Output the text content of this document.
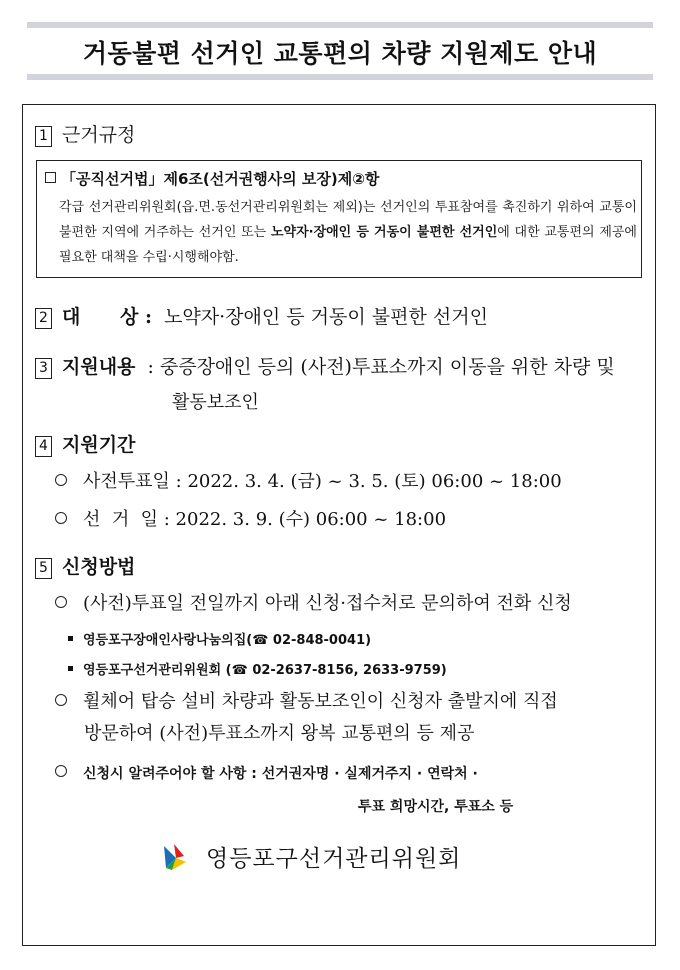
거동불편 선거인 교통편의 차량 지원제도 안내
1 근거규정
「공직선거법」제6조(선거권행사의 보장)제②항
각급 선거관리위원회(읍.면.동선거관리위원회는 제외)는 선거인의 투표참여를 촉진하기 위하여 교통이 불편한 지역에 거주하는 선거인 또는 노약자·장애인 등 거동이 불편한 선거인에 대한 교통편의 제공에 필요한 대책을 수립·시행해야함.
2 대      상 : 노약자·장애인 등 거동이 불편한 선거인
3 지원내용 : 중증장애인 등의 (사전)투표소까지 이동을 위한 차량 및
활동보조인
4 지원기간
사전투표일 : 2022. 3. 4. (금) ~ 3. 5. (토) 06:00 ~ 18:00
선  거  일 : 2022. 3. 9. (수) 06:00 ~ 18:00
5 신청방법
(사전)투표일 전일까지 아래 신청·접수처로 문의하여 전화 신청
영등포구장애인사랑나눔의집(☎ 02-848-0041)
영등포구선거관리위원회 (☎ 02-2637-8156, 2633-9759)
휠체어 탑승 설비 차량과 활동보조인이 신청자 출발지에 직접
방문하여 (사전)투표소까지 왕복 교통편의 등 제공
신청시 알려주어야 할 사항 : 선거권자명 · 실제거주지 · 연락처 ·
투표 희망시간, 투표소 등
영등포구선거관리위원회
